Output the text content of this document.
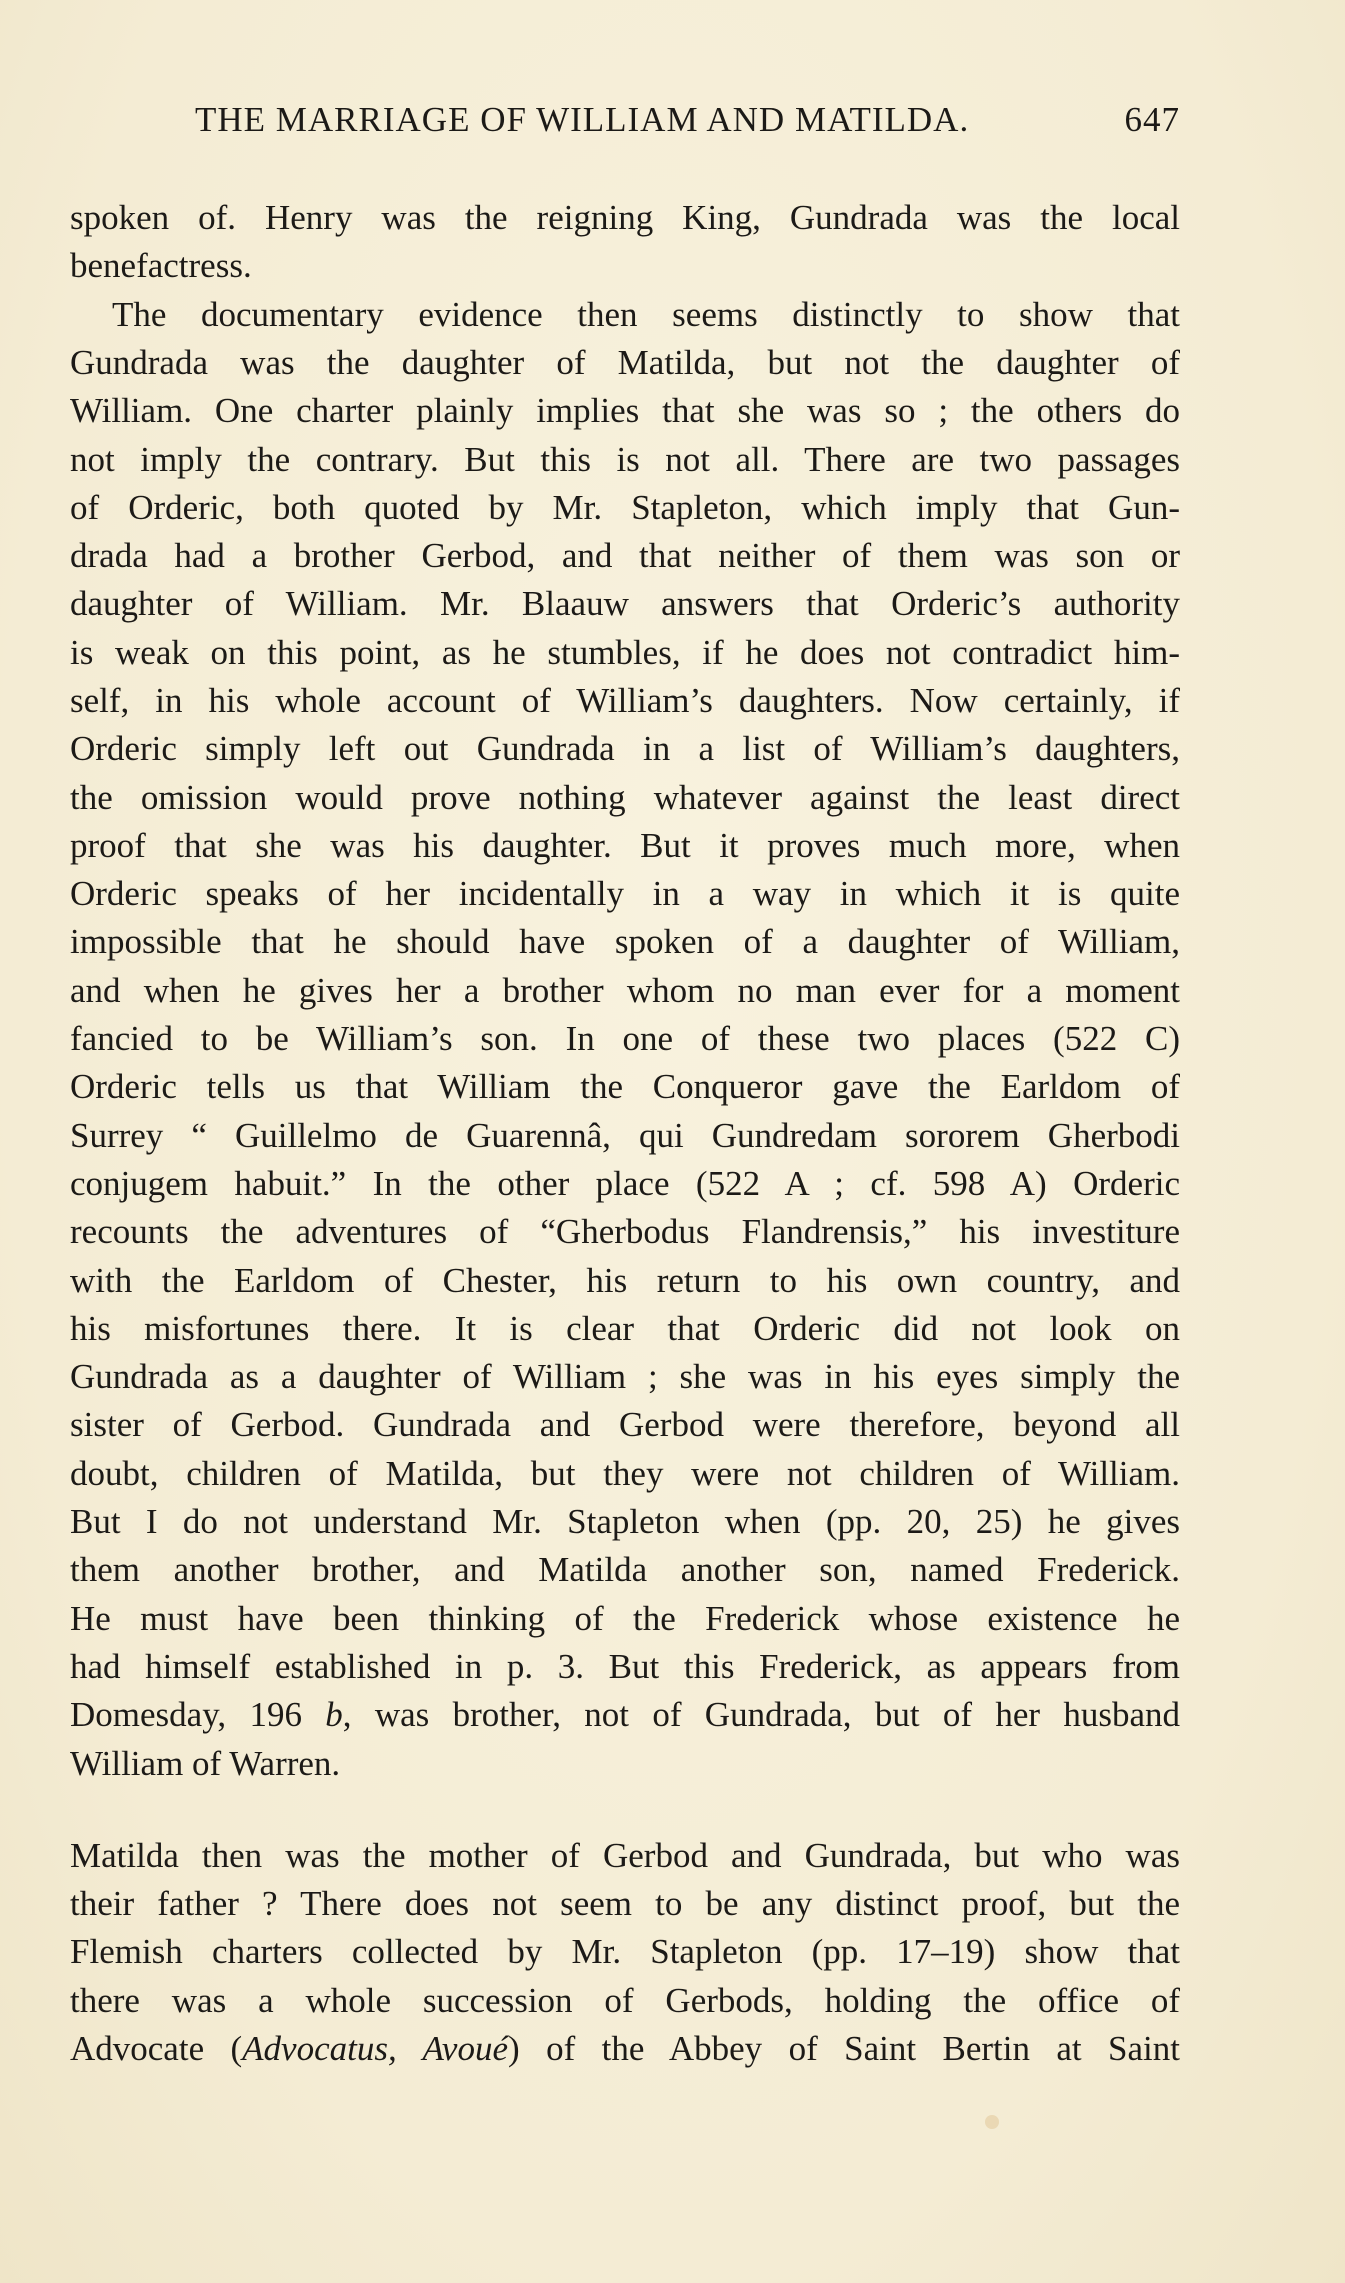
THE MARRIAGE OF WILLIAM AND MATILDA.	647
spoken of. Henry was the reigning King, Gundrada was the local
benefactress.
The documentary evidence then seems distinctly to show that
Gundrada was the daughter of Matilda, but not the daughter of
William. One charter plainly implies that she was so ; the others do
not imply the contrary. But this is not all. There are two passages
of Orderic, both quoted by Mr. Stapleton, which imply that Gun-
drada had a brother Gerbod, and that neither of them was son or
daughter of William. Mr. Blaauw answers that Orderic’s authority
is weak on this point, as he stumbles, if he does not contradict him-
self, in his whole account of William’s daughters. Now certainly, if
Orderic simply left out Gundrada in a list of William’s daughters,
the omission would prove nothing whatever against the least direct
proof that she was his daughter. But it proves much more, when
Orderic speaks of her incidentally in a way in which it is quite
impossible that he should have spoken of a daughter of William,
and when he gives her a brother whom no man ever for a moment
fancied to be William’s son. In one of these two places (522 C)
Orderic tells us that William the Conqueror gave the Earldom of
Surrey “ Guillelmo de Guarennâ, qui Gundredam sororem Gherbodi
conjugem habuit.” In the other place (522 A ; cf. 598 A) Orderic
recounts the adventures of “Gherbodus Flandrensis,” his investiture
with the Earldom of Chester, his return to his own country, and
his misfortunes there. It is clear that Orderic did not look on
Gundrada as a daughter of William ; she was in his eyes simply the
sister of Gerbod. Gundrada and Gerbod were therefore, beyond all
doubt, children of Matilda, but they were not children of William.
But I do not understand Mr. Stapleton when (pp. 20, 25) he gives
them another brother, and Matilda another son, named Frederick.
He must have been thinking of the Frederick whose existence he
had himself established in p. 3. But this Frederick, as appears from
Domesday, 196 b, was brother, not of Gundrada, but of her husband
William of Warren.
Matilda then was the mother of Gerbod and Gundrada, but who was
their father ? There does not seem to be any distinct proof, but the
Flemish charters collected by Mr. Stapleton (pp. 17–19) show that
there was a whole succession of Gerbods, holding the office of
Advocate (Advocatus, Avoué) of the Abbey of Saint Bertin at Saint
